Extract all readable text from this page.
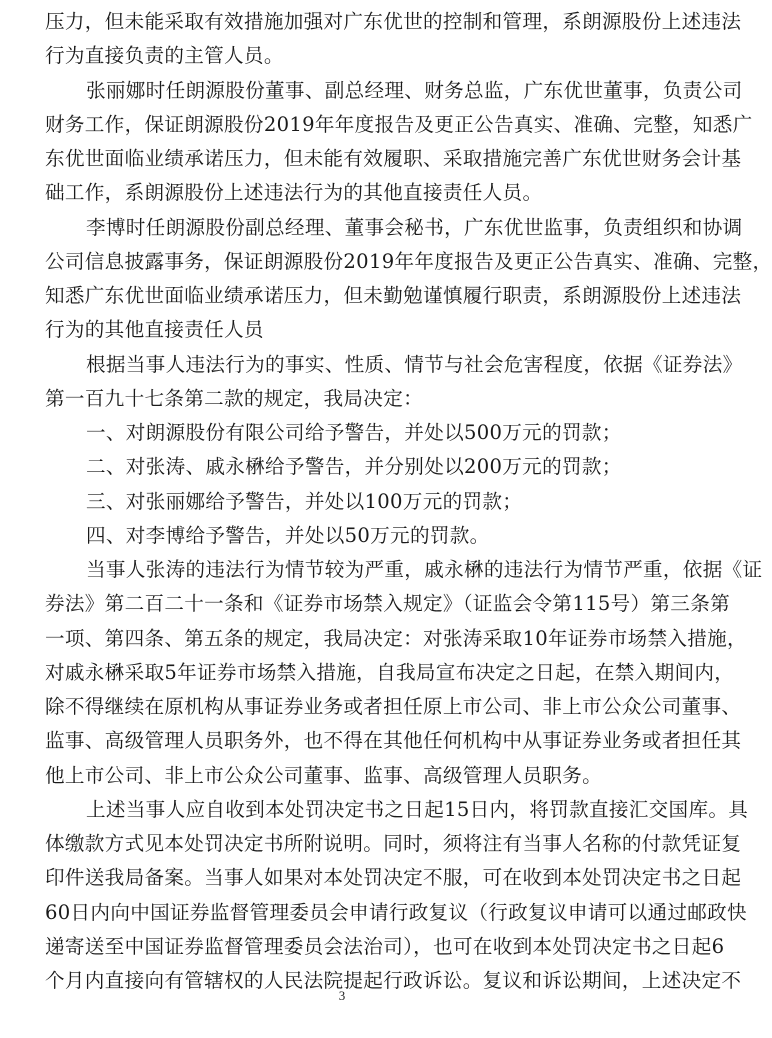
压力，但未能采取有效措施加强对广东优世的控制和管理，系朗源股份上述违法
行为直接负责的主管人员。
张丽娜时任朗源股份董事、副总经理、财务总监，广东优世董事，负责公司
财务工作，保证朗源股份2019年年度报告及更正公告真实、准确、完整，知悉广
东优世面临业绩承诺压力，但未能有效履职、采取措施完善广东优世财务会计基
础工作，系朗源股份上述违法行为的其他直接责任人员。
李博时任朗源股份副总经理、董事会秘书，广东优世监事，负责组织和协调
公司信息披露事务，保证朗源股份2019年年度报告及更正公告真实、准确、完整，
知悉广东优世面临业绩承诺压力，但未勤勉谨慎履行职责，系朗源股份上述违法
行为的其他直接责任人员
根据当事人违法行为的事实、性质、情节与社会危害程度，依据《证券法》
第一百九十七条第二款的规定，我局决定：
一、对朗源股份有限公司给予警告，并处以500万元的罚款；
二、对张涛、戚永楙给予警告，并分别处以200万元的罚款；
三、对张丽娜给予警告，并处以100万元的罚款；
四、对李博给予警告，并处以50万元的罚款。
当事人张涛的违法行为情节较为严重，戚永楙的违法行为情节严重，依据《证
券法》第二百二十一条和《证券市场禁入规定》（证监会令第115号）第三条第
一项、第四条、第五条的规定，我局决定：对张涛采取10年证券市场禁入措施，
对戚永楙采取5年证券市场禁入措施，自我局宣布决定之日起，在禁入期间内，
除不得继续在原机构从事证券业务或者担任原上市公司、非上市公众公司董事、
监事、高级管理人员职务外，也不得在其他任何机构中从事证券业务或者担任其
他上市公司、非上市公众公司董事、监事、高级管理人员职务。
上述当事人应自收到本处罚决定书之日起15日内，将罚款直接汇交国库。具
体缴款方式见本处罚决定书所附说明。同时，须将注有当事人名称的付款凭证复
印件送我局备案。当事人如果对本处罚决定不服，可在收到本处罚决定书之日起
60日内向中国证券监督管理委员会申请行政复议（行政复议申请可以通过邮政快
递寄送至中国证券监督管理委员会法治司），也可在收到本处罚决定书之日起6
个月内直接向有管辖权的人民法院提起行政诉讼。复议和诉讼期间，上述决定不
3
